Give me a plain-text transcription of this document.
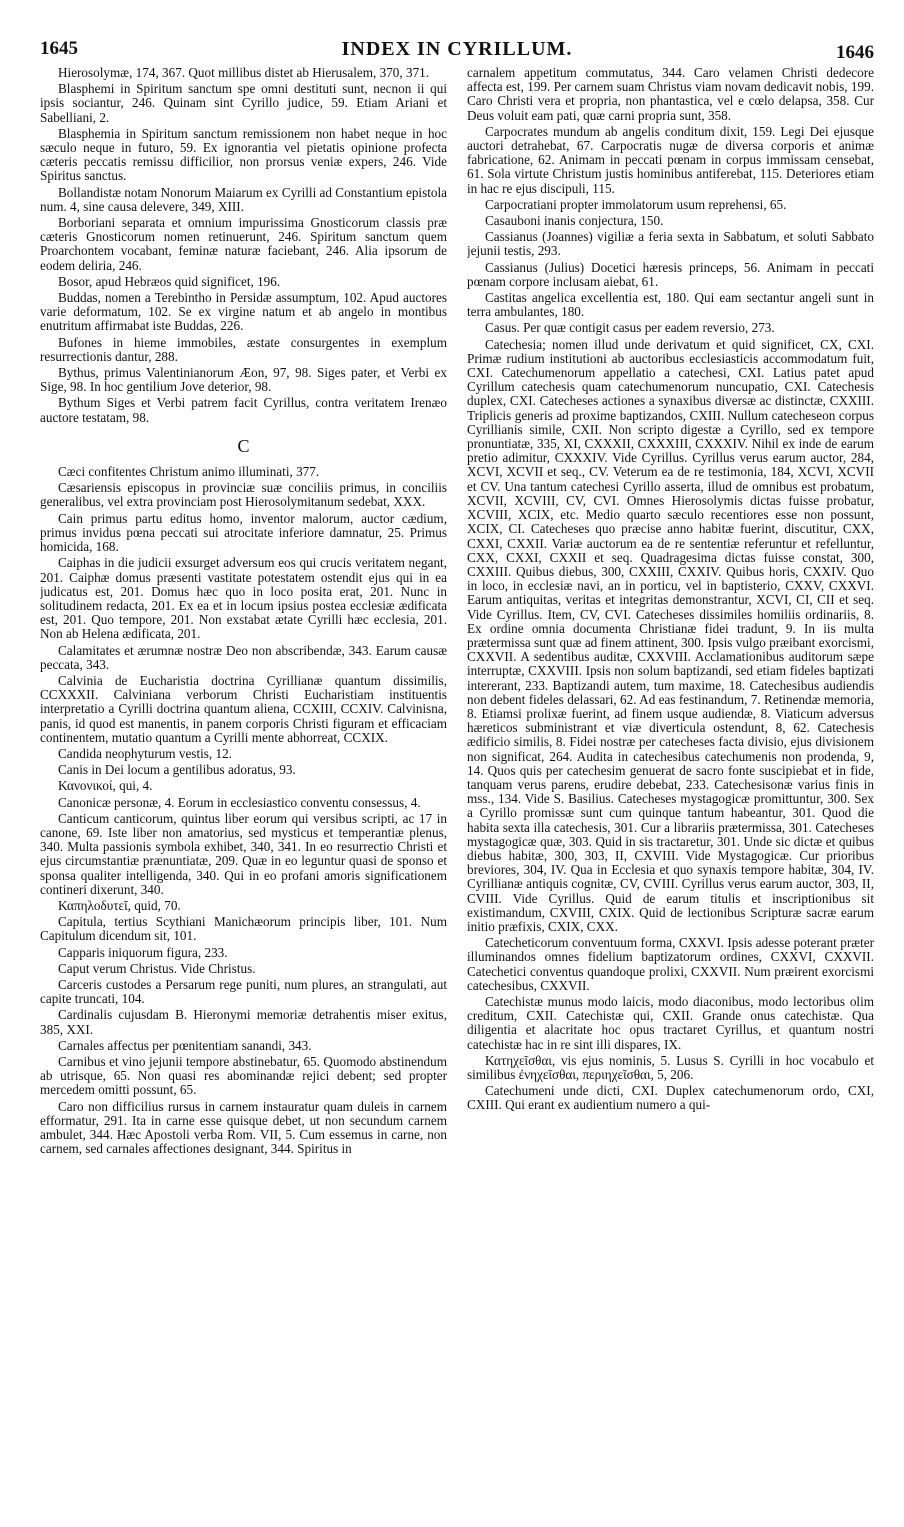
1645	INDEX IN CYRILLUM.	1646

Hierosolymæ, 174, 367. Quot millibus distet ab Hierusalem, 370, 371.

Blasphemi in Spiritum sanctum spe omni destituti sunt, necnon ii qui ipsis sociantur, 246. Quinam sint Cyrillo judice, 59. Etiam Ariani et Sabelliani, 2.

Blasphemia in Spiritum sanctum remissionem non habet neque in hoc sæculo neque in futuro, 59. Ex ignorantia vel pietatis opinione profecta cæteris peccatis remissu difficilior, non prorsus veniæ expers, 246. Vide Spiritus sanctus.

Bollandistæ notam Nonorum Maiarum ex Cyrilli ad Constantium epistola num. 4, sine causa delevere, 349, XIII.

Borboriani separata et omnium impurissima Gnosticorum classis præ cæteris Gnosticorum nomen retinuerunt, 246. Spiritum sanctum quem Proarchontem vocabant, feminæ naturæ faciebant, 246. Alia ipsorum de eodem deliria, 246.

Bosor, apud Hebræos quid significet, 196.

Buddas, nomen a Terebintho in Persidæ assumptum, 102. Apud auctores varie deformatum, 102. Se ex virgine natum et ab angelo in montibus enutritum affirmabat iste Buddas, 226.

Bufones in hieme immobiles, æstate consurgentes in exemplum resurrectionis dantur, 288.

Bythus, primus Valentinianorum Æon, 97, 98. Siges pater, et Verbi ex Sige, 98. In hoc gentilium Jove deterior, 98.

Bythum Siges et Verbi patrem facit Cyrillus, contra veritatem Irenæo auctore testatam, 98.

C

Cæci confitentes Christum animo illuminati, 377.

Cæsariensis episcopus in provinciæ suæ conciliis primus, in conciliis generalibus, vel extra provinciam post Hierosolymitanum sedebat, XXX.

Cain primus partu editus homo, inventor malorum, auctor cædium, primus invidus pœna peccati sui atrocitate inferiore damnatur, 25. Primus homicida, 168.

Caiphas in die judicii exsurget adversum eos qui crucis veritatem negant, 201. Caiphæ domus præsenti vastitate potestatem ostendit ejus qui in ea judicatus est, 201. Domus hæc quo in loco posita erat, 201. Nunc in solitudinem redacta, 201. Ex ea et in locum ipsius postea ecclesiæ ædificata est, 201. Quo tempore, 201. Non exstabat ætate Cyrilli hæc ecclesia, 201. Non ab Helena ædificata, 201.

Calamitates et ærumnæ nostræ Deo non abscribendæ, 343. Earum causæ peccata, 343.

Calvinia de Eucharistia doctrina Cyrillianæ quantum dissimilis, CCXXXII. Calviniana verborum Christi Eucharistiam instituentis interpretatio a Cyrilli doctrina quantum aliena, CCXIII, CCXIV. Calvinisna, panis, id quod est manentis, in panem corporis Christi figuram et efficaciam continentem, mutatio quantum a Cyrilli mente abhorreat, CCXIX.

Candida neophyturum vestis, 12.

Canis in Dei locum a gentilibus adoratus, 93.

Κανονικοί, qui, 4.

Canonicæ personæ, 4. Eorum in ecclesiastico conventu consessus, 4.

Canticum canticorum, quintus liber eorum qui versibus scripti, ac 17 in canone, 69. Iste liber non amatorius, sed mysticus et temperantiæ plenus, 340. Multa passionis symbola exhibet, 340, 341. In eo resurrectio Christi et ejus circumstantiæ prænuntiatæ, 209. Quæ in eo leguntur quasi de sponso et sponsa qualiter intelligenda, 340. Qui in eo profani amoris significationem contineri dixerunt, 340.

Καπηλοδυτεῖ, quid, 70.

Capitula, tertius Scythiani Manichæorum principis liber, 101. Num Capitulum dicendum sit, 101.

Capparis iniquorum figura, 233.

Caput verum Christus. Vide Christus.

Carceris custodes a Persarum rege puniti, num plures, an strangulati, aut capite truncati, 104.

Cardinalis cujusdam B. Hieronymi memoriæ detrahentis miser exitus, 385, XXI.

Carnales affectus per pœnitentiam sanandi, 343.

Carnibus et vino jejunii tempore abstinebatur, 65. Quomodo abstinendum ab utrisque, 65. Non quasi res abominandæ rejici debent; sed propter mercedem omitti possunt, 65.

Caro non difficilius rursus in carnem instauratur quam duleis in carnem efformatur, 291. Ita in carne esse quisque debet, ut non secundum carnem ambulet, 344. Hæc Apostoli verba Rom. VII, 5. Cum essemus in carne, non carnem, sed carnales affectiones designant, 344. Spiritus in

carnalem appetitum commutatus, 344. Caro velamen Christi dedecore affecta est, 199. Per carnem suam Christus viam novam dedicavit nobis, 199. Caro Christi vera et propria, non phantastica, vel e cœlo delapsa, 358. Cur Deus voluit eam pati, quæ carni propria sunt, 358.

Carpocrates mundum ab angelis conditum dixit, 159. Legi Dei ejusque auctori detrahebat, 67. Carpocratis nugæ de diversa corporis et animæ fabricatione, 62. Animam in peccati pœnam in corpus immissam censebat, 61. Sola virtute Christum justis hominibus antiferebat, 115. Deteriores etiam in hac re ejus discipuli, 115.

Carpocratiani propter immolatorum usum reprehensi, 65.

Casauboni inanis conjectura, 150.

Cassianus (Joannes) vigiliæ a feria sexta in Sabbatum, et soluti Sabbato jejunii testis, 293.

Cassianus (Julius) Docetici hæresis princeps, 56. Animam in peccati pœnam corpore inclusam aiebat, 61.

Castitas angelica excellentia est, 180. Qui eam sectantur angeli sunt in terra ambulantes, 180.

Casus. Per quæ contigit casus per eadem reversio, 273.

Catechesia; nomen illud unde derivatum et quid significet, CX, CXI. Primæ rudium institutioni ab auctoribus ecclesiasticis accommodatum fuit, CXI. Catechumenorum appellatio a catechesi, CXI. Latius patet apud Cyrillum catechesis quam catechumenorum nuncupatio, CXI. Catechesis duplex, CXI. Catecheses actiones a synaxibus diversæ ac distinctæ, CXXIII. Triplicis generis ad proxime baptizandos, CXIII. Nullum catecheseon corpus Cyrillianis simile, CXII. Non scripto digestæ a Cyrillo, sed ex tempore pronuntiatæ, 335, XI, CXXXII, CXXXIII, CXXXIV. Nihil ex inde de earum pretio adimitur, CXXXIV. Vide Cyrillus. Cyrillus verus earum auctor, 284, XCVI, XCVII et seq., CV. Veterum ea de re testimonia, 184, XCVI, XCVII et CV. Una tantum catechesi Cyrillo asserta, illud de omnibus est probatum, XCVII, XCVIII, CV, CVI. Omnes Hierosolymis dictas fuisse probatur, XCVIII, XCIX, etc. Medio quarto sæculo recentiores esse non possunt, XCIX, CI. Catecheses quo præcise anno habitæ fuerint, discutitur, CXX, CXXI, CXXII. Variæ auctorum ea de re sententiæ referuntur et refelluntur, CXX, CXXI, CXXII et seq. Quadragesima dictas fuisse constat, 300, CXXIII. Quibus diebus, 300, CXXIII, CXXIV. Quibus horis, CXXIV. Quo in loco, in ecclesiæ navi, an in porticu, vel in baptisterio, CXXV, CXXVI. Earum antiquitas, veritas et integritas demonstrantur, XCVI, CI, CII et seq. Vide Cyrillus. Item, CV, CVI. Catecheses dissimiles homiliis ordinariis, 8. Ex ordine omnia documenta Christianæ fidei tradunt, 9. In iis multa prætermissa sunt quæ ad finem attinent, 300. Ipsis vulgo præibant exorcismi, CXXVII. A sedentibus auditæ, CXXVIII. Acclamationibus auditorum sæpe interruptæ, CXXVIII. Ipsis non solum baptizandi, sed etiam fideles baptizati intererant, 233. Baptizandi autem, tum maxime, 18. Catechesibus audiendis non debent fideles delassari, 62. Ad eas festinandum, 7. Retinendæ memoria, 8. Etiamsi prolixæ fuerint, ad finem usque audiendæ, 8. Viaticum adversus hæreticos subministrant et viæ diverticula ostendunt, 8, 62. Catechesis ædificio similis, 8. Fidei nostræ per catecheses facta divisio, ejus divisionem non significat, 264. Audita in catechesibus catechumenis non prodenda, 9, 14. Quos quis per catechesim genuerat de sacro fonte suscipiebat et in fide, tanquam verus parens, erudire debebat, 233. Catechesisonæ varius finis in mss., 134. Vide S. Basilius. Catecheses mystagogicæ promittuntur, 300. Sex a Cyrillo promissæ sunt cum quinque tantum habeantur, 301. Quod die habita sexta illa catechesis, 301. Cur a librariis prætermissa, 301. Catecheses mystagogicæ quæ, 303. Quid in sis tractaretur, 301. Unde sic dictæ et quibus diebus habitæ, 300, 303, II, CXVIII. Vide Mystagogicæ. Cur prioribus breviores, 304, IV. Qua in Ecclesia et quo synaxis tempore habitæ, 304, IV. Cyrillianæ antiquis cognitæ, CV, CVIII. Cyrillus verus earum auctor, 303, II, CVIII. Vide Cyrillus. Quid de earum titulis et inscriptionibus sit existimandum, CXVIII, CXIX. Quid de lectionibus Scripturæ sacræ earum initio præfixis, CXIX, CXX.

Catecheticorum conventuum forma, CXXVI. Ipsis adesse poterant præter illuminandos omnes fidelium baptizatorum ordines, CXXVI, CXXVII. Catechetici conventus quandoque prolixi, CXXVII. Num præirent exorcismi catechesibus, CXXVII.

Catechistæ munus modo laicis, modo diaconibus, modo lectoribus olim creditum, CXII. Catechistæ qui, CXII. Grande onus catechistæ. Qua diligentia et alacritate hoc opus tractaret Cyrillus, et quantum nostri catechistæ hac in re sint illi dispares, IX.

Κατηχεῖσθαι, vis ejus nominis, 5. Lusus S. Cyrilli in hoc vocabulo et similibus ἐνηχεῖσθαι, περιηχεῖσθαι, 5, 206.

Catechumeni unde dicti, CXI. Duplex catechumenorum ordo, CXI, CXIII. Qui erant ex audientium numero a qui-
